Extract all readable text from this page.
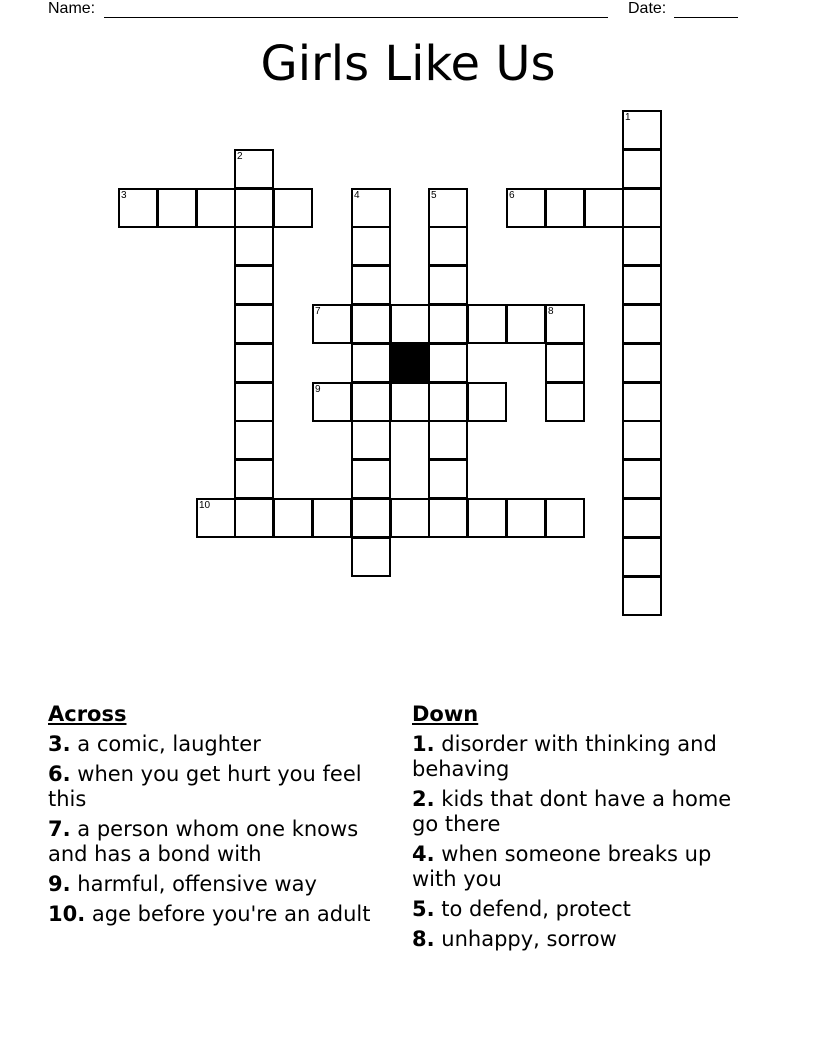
Name:	Date:
Girls Like Us
1
2
3	4	5	6
7	8
9
10
Across
3. a comic, laughter
6. when you get hurt you feel this
7. a person whom one knows and has a bond with
9. harmful, offensive way
10. age before you're an adult
Down
1. disorder with thinking and behaving
2. kids that dont have a home go there
4. when someone breaks up with you
5. to defend, protect
8. unhappy, sorrow
